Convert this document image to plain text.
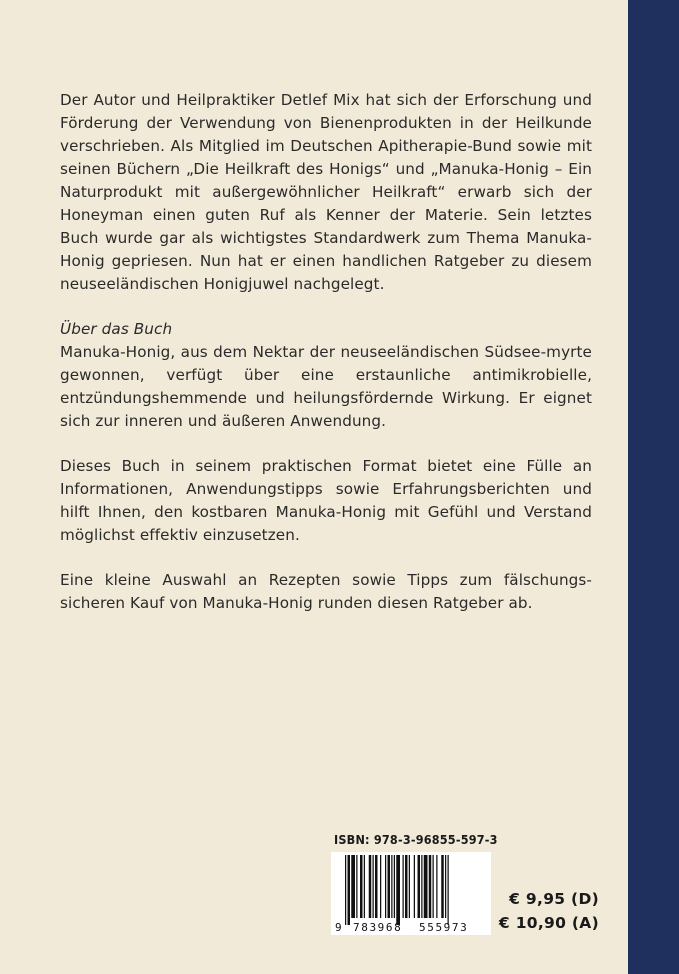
Der Autor und Heilpraktiker Detlef Mix hat sich der Erforschung und Förderung der Verwendung von Bienenprodukten in der Heilkunde verschrieben. Als Mitglied im Deutschen Apitherapie-Bund sowie mit seinen Büchern „Die Heilkraft des Honigs“ und „Manuka-Honig – Ein Naturprodukt mit außergewöhnlicher Heilkraft“ erwarb sich der Honeyman einen guten Ruf als Kenner der Materie. Sein letztes Buch wurde gar als wichtigstes Standardwerk zum Thema Manuka-Honig gepriesen. Nun hat er einen handlichen Ratgeber zu diesem neuseeländischen Honigjuwel nachgelegt.

Über das Buch
Manuka-Honig, aus dem Nektar der neuseeländischen Südsee-myrte gewonnen, verfügt über eine erstaunliche antimikrobielle, entzündungshemmende und heilungsfördernde Wirkung. Er eignet sich zur inneren und äußeren Anwendung.

Dieses Buch in seinem praktischen Format bietet eine Fülle an Informationen, Anwendungstipps sowie Erfahrungsberichten und hilft Ihnen, den kostbaren Manuka-Honig mit Gefühl und Verstand möglichst effektiv einzusetzen.

Eine kleine Auswahl an Rezepten sowie Tipps zum fälschungs-sicheren Kauf von Manuka-Honig runden diesen Ratgeber ab.

ISBN: 978-3-96855-597-3
9 783968 555973
€ 9,95 (D)
€ 10,90 (A)
